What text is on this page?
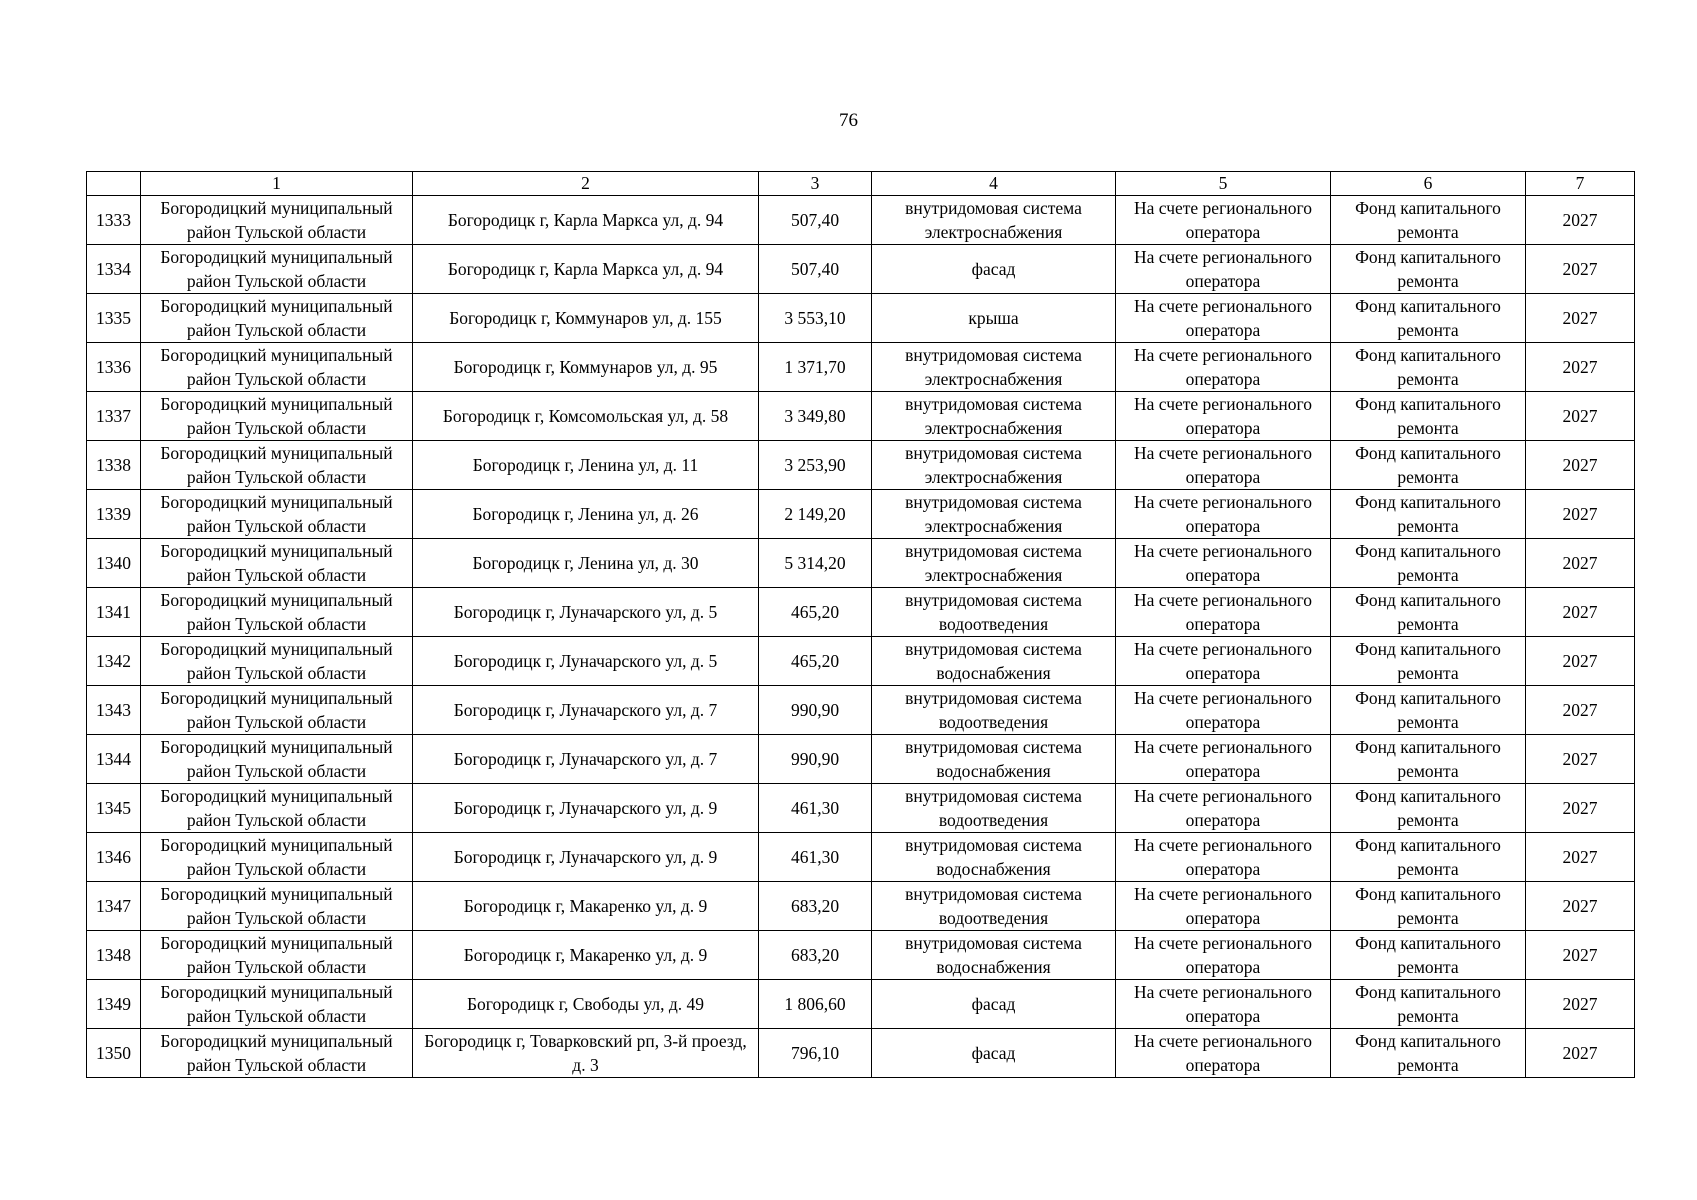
76
	1	2	3	4	5	6	7
1333	Богородицкий муниципальный район Тульской области	Богородицк г, Карла Маркса ул, д. 94	507,40	внутридомовая система электроснабжения	На счете регионального оператора	Фонд капитального ремонта	2027
1334	Богородицкий муниципальный район Тульской области	Богородицк г, Карла Маркса ул, д. 94	507,40	фасад	На счете регионального оператора	Фонд капитального ремонта	2027
1335	Богородицкий муниципальный район Тульской области	Богородицк г, Коммунаров ул, д. 155	3 553,10	крыша	На счете регионального оператора	Фонд капитального ремонта	2027
1336	Богородицкий муниципальный район Тульской области	Богородицк г, Коммунаров ул, д. 95	1 371,70	внутридомовая система электроснабжения	На счете регионального оператора	Фонд капитального ремонта	2027
1337	Богородицкий муниципальный район Тульской области	Богородицк г, Комсомольская ул, д. 58	3 349,80	внутридомовая система электроснабжения	На счете регионального оператора	Фонд капитального ремонта	2027
1338	Богородицкий муниципальный район Тульской области	Богородицк г, Ленина ул, д. 11	3 253,90	внутридомовая система электроснабжения	На счете регионального оператора	Фонд капитального ремонта	2027
1339	Богородицкий муниципальный район Тульской области	Богородицк г, Ленина ул, д. 26	2 149,20	внутридомовая система электроснабжения	На счете регионального оператора	Фонд капитального ремонта	2027
1340	Богородицкий муниципальный район Тульской области	Богородицк г, Ленина ул, д. 30	5 314,20	внутридомовая система электроснабжения	На счете регионального оператора	Фонд капитального ремонта	2027
1341	Богородицкий муниципальный район Тульской области	Богородицк г, Луначарского ул, д. 5	465,20	внутридомовая система водоотведения	На счете регионального оператора	Фонд капитального ремонта	2027
1342	Богородицкий муниципальный район Тульской области	Богородицк г, Луначарского ул, д. 5	465,20	внутридомовая система водоснабжения	На счете регионального оператора	Фонд капитального ремонта	2027
1343	Богородицкий муниципальный район Тульской области	Богородицк г, Луначарского ул, д. 7	990,90	внутридомовая система водоотведения	На счете регионального оператора	Фонд капитального ремонта	2027
1344	Богородицкий муниципальный район Тульской области	Богородицк г, Луначарского ул, д. 7	990,90	внутридомовая система водоснабжения	На счете регионального оператора	Фонд капитального ремонта	2027
1345	Богородицкий муниципальный район Тульской области	Богородицк г, Луначарского ул, д. 9	461,30	внутридомовая система водоотведения	На счете регионального оператора	Фонд капитального ремонта	2027
1346	Богородицкий муниципальный район Тульской области	Богородицк г, Луначарского ул, д. 9	461,30	внутридомовая система водоснабжения	На счете регионального оператора	Фонд капитального ремонта	2027
1347	Богородицкий муниципальный район Тульской области	Богородицк г, Макаренко ул, д. 9	683,20	внутридомовая система водоотведения	На счете регионального оператора	Фонд капитального ремонта	2027
1348	Богородицкий муниципальный район Тульской области	Богородицк г, Макаренко ул, д. 9	683,20	внутридомовая система водоснабжения	На счете регионального оператора	Фонд капитального ремонта	2027
1349	Богородицкий муниципальный район Тульской области	Богородицк г, Свободы ул, д. 49	1 806,60	фасад	На счете регионального оператора	Фонд капитального ремонта	2027
1350	Богородицкий муниципальный район Тульской области	Богородицк г, Товарковский рп, 3-й проезд, д. 3	796,10	фасад	На счете регионального оператора	Фонд капитального ремонта	2027
